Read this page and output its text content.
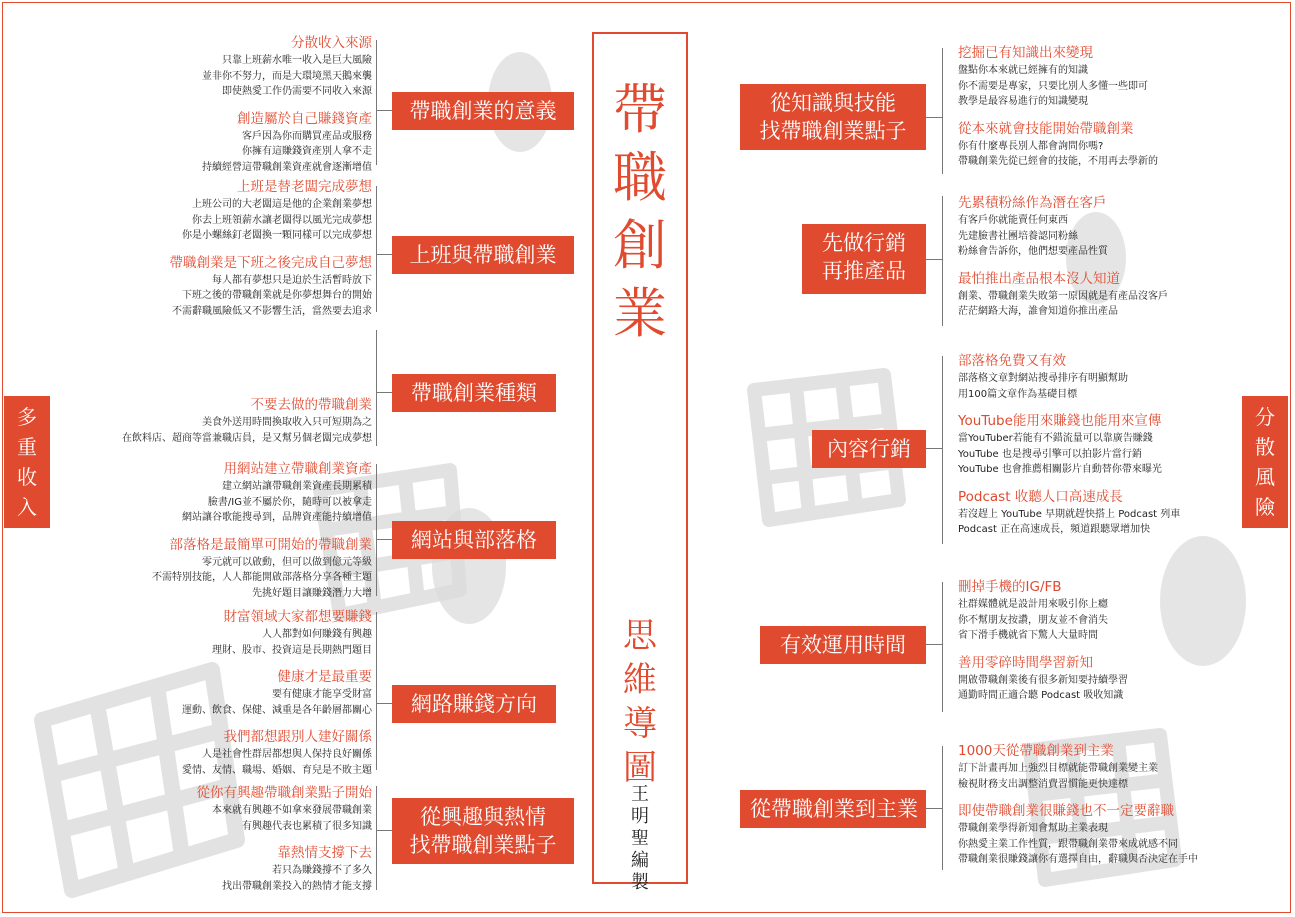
帶
職
創
業
思
維
導
圖
王
明
聖
編
製
多
重
收
入
分
散
風
險
帶職創業的意義
分散收入來源
只靠上班薪水唯一收入是巨大風險
並非你不努力，而是大環境黑天鵝來襲
即使熱愛工作仍需要不同收入來源
創造屬於自己賺錢資產
客戶因為你而購買產品或服務
你擁有這賺錢資產別人拿不走
持續經營這帶職創業資產就會逐漸增值
上班與帶職創業
上班是替老闆完成夢想
上班公司的大老闆這是他的企業創業夢想
你去上班領薪水讓老闆得以風光完成夢想
你是小螺絲釘老闆換一顆同樣可以完成夢想
帶職創業是下班之後完成自己夢想
每人都有夢想只是迫於生活暫時放下
下班之後的帶職創業就是你夢想舞台的開始
不需辭職風險低又不影響生活，當然要去追求
帶職創業種類
不要去做的帶職創業
美食外送用時間換取收入只可短期為之
在飲料店、超商等當兼職店員，是又幫另個老闆完成夢想
網站與部落格
用網站建立帶職創業資產
建立網站讓帶職創業資產長期累積
臉書/IG並不屬於你，隨時可以被拿走
網站讓谷歌能搜尋到，品牌資產能持續增值
部落格是最簡單可開始的帶職創業
零元就可以啟動，但可以做到億元等級
不需特別技能，人人都能開啟部落格分享各種主題
先挑好題目讓賺錢潛力大增
網路賺錢方向
財富領域大家都想要賺錢
人人都對如何賺錢有興趣
理財、股市、投資這是長期熱門題目
健康才是最重要
要有健康才能享受財富
運動、飲食、保健、減重是各年齡層都關心
我們都想跟別人建好關係
人是社會性群居都想與人保持良好關係
愛情、友情、職場、婚姻、育兒是不敗主題
從興趣與熱情
找帶職創業點子
從你有興趣帶職創業點子開始
本來就有興趣不如拿來發展帶職創業
有興趣代表也累積了很多知識
靠熱情支撐下去
若只為賺錢撐不了多久
找出帶職創業投入的熱情才能支撐
從知識與技能
找帶職創業點子
挖掘已有知識出來變現
盤點你本來就已經擁有的知識
你不需要是專家，只要比別人多懂一些即可
教學是最容易進行的知識變現
從本來就會技能開始帶職創業
你有什麼專長別人都會詢問你嗎?
帶職創業先從已經會的技能，不用再去學新的
先做行銷
再推產品
先累積粉絲作為潛在客戶
有客戶你就能賣任何東西
先建臉書社團培養認同粉絲
粉絲會告訴你，他們想要產品性質
最怕推出產品根本沒人知道
創業、帶職創業失敗第一原因就是有產品沒客戶
茫茫網路大海，誰會知道你推出產品
內容行銷
部落格免費又有效
部落格文章對網站搜尋排序有明顯幫助
用100篇文章作為基礎目標
YouTube能用來賺錢也能用來宣傳
當YouTuber若能有不錯流量可以靠廣告賺錢
YouTube 也是搜尋引擎可以拍影片當行銷
YouTube 也會推薦相關影片自動替你帶來曝光
Podcast 收聽人口高速成長
若沒趕上 YouTube 早期就趕快搭上 Podcast 列車
Podcast 正在高速成長，頻道跟聽眾增加快
有效運用時間
刪掉手機的IG/FB
社群媒體就是設計用來吸引你上癮
你不幫朋友按讚，朋友並不會消失
省下滑手機就省下驚人大量時間
善用零碎時間學習新知
開啟帶職創業後有很多新知要持續學習
通勤時間正適合聽 Podcast 吸收知識
從帶職創業到主業
1000天從帶職創業到主業
訂下計畫再加上強烈目標就能帶職創業變主業
檢視財務支出調整消費習慣能更快達標
即使帶職創業很賺錢也不一定要辭職
帶職創業學得新知會幫助主業表現
你熱愛主業工作性質，跟帶職創業帶來成就感不同
帶職創業很賺錢讓你有選擇自由，辭職與否決定在手中
